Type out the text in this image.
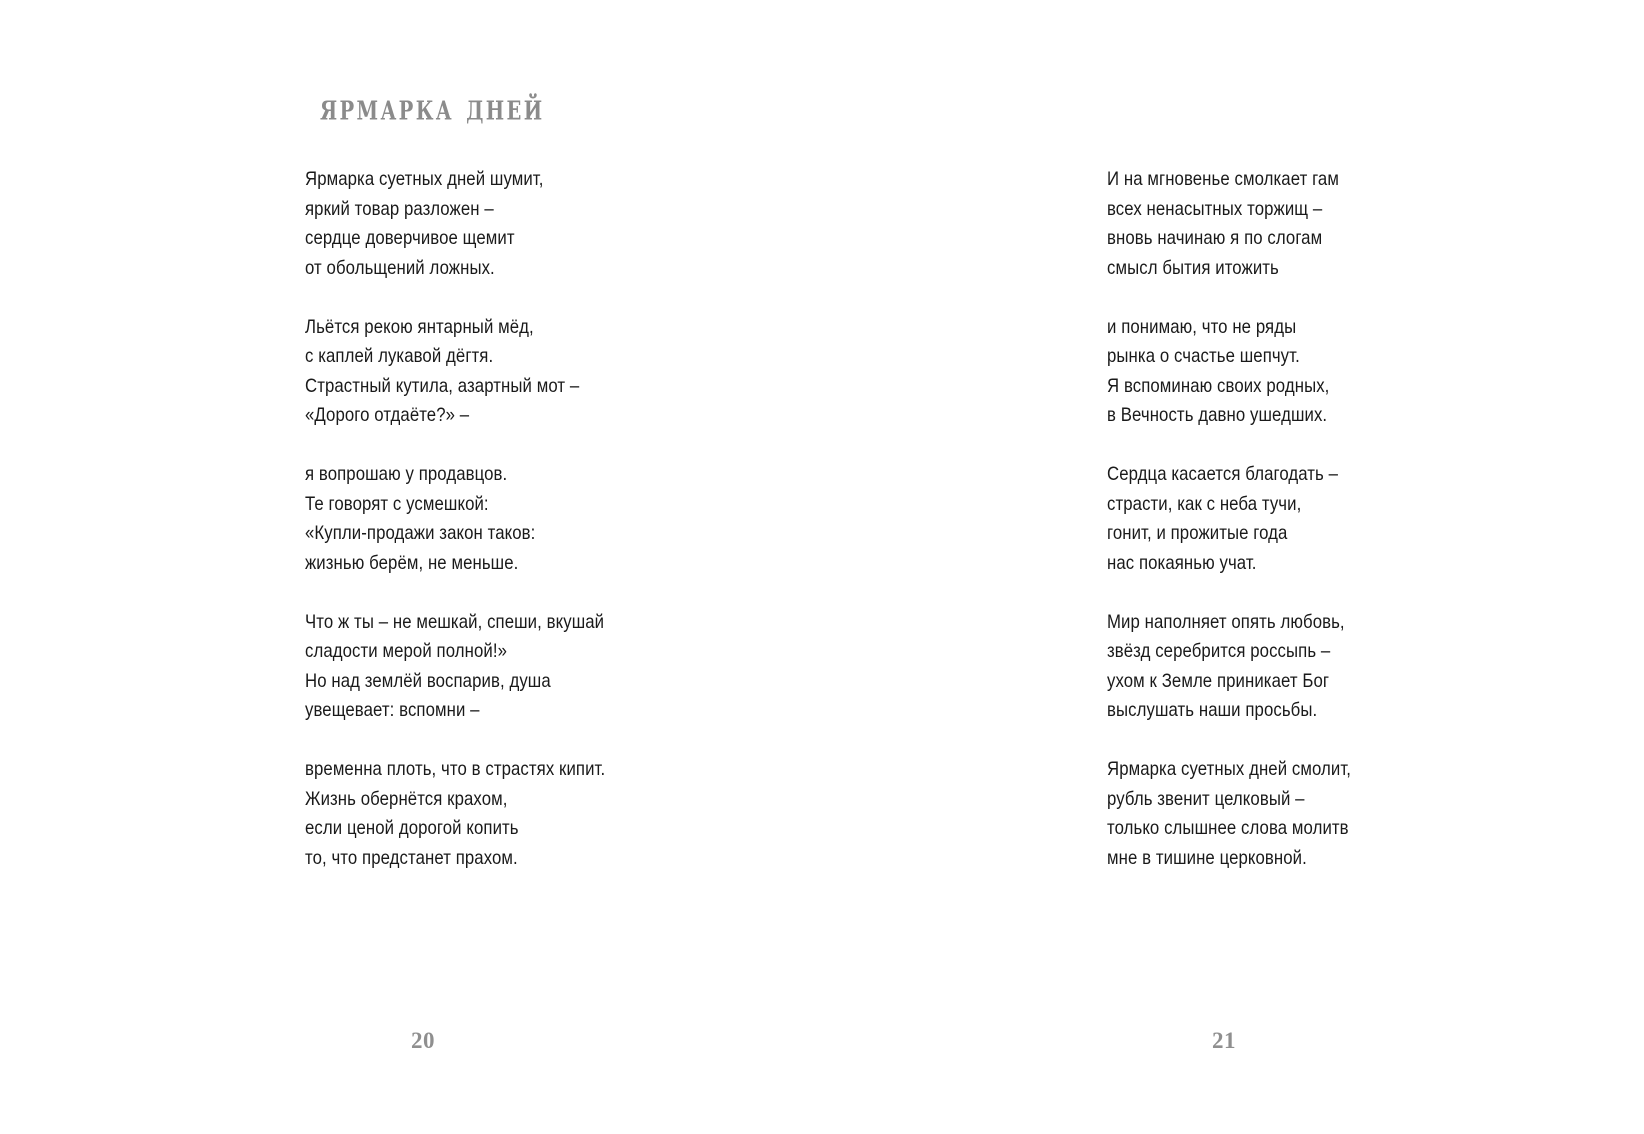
ярмарка дней
Ярмарка суетных дней шумит,
яркий товар разложен –
сердце доверчивое щемит
от обольщений ложных.
Льётся рекою янтарный мёд,
с каплей лукавой дёгтя.
Страстный кутила, азартный мот –
«Дорого отдаёте?» –
я вопрошаю у продавцов.
Те говорят с усмешкой:
«Купли-продажи закон таков:
жизнью берём, не меньше.
Что ж ты – не мешкай, спеши, вкушай
сладости мерой полной!»
Но над землёй воспарив, душа
увещевает: вспомни –
временна плоть, что в страстях кипит.
Жизнь обернётся крахом,
если ценой дорогой копить
то, что предстанет прахом.
20
И на мгновенье смолкает гам
всех ненасытных торжищ –
вновь начинаю я по слогам
смысл бытия итожить
и понимаю, что не ряды
рынка о счастье шепчут.
Я вспоминаю своих родных,
в Вечность давно ушедших.
Сердца касается благодать –
страсти, как с неба тучи,
гонит, и прожитые года
нас покаянью учат.
Мир наполняет опять любовь,
звёзд серебрится россыпь –
ухом к Земле приникает Бог
выслушать наши просьбы.
Ярмарка суетных дней смолит,
рубль звенит целковый –
только слышнее слова молитв
мне в тишине церковной.
21
